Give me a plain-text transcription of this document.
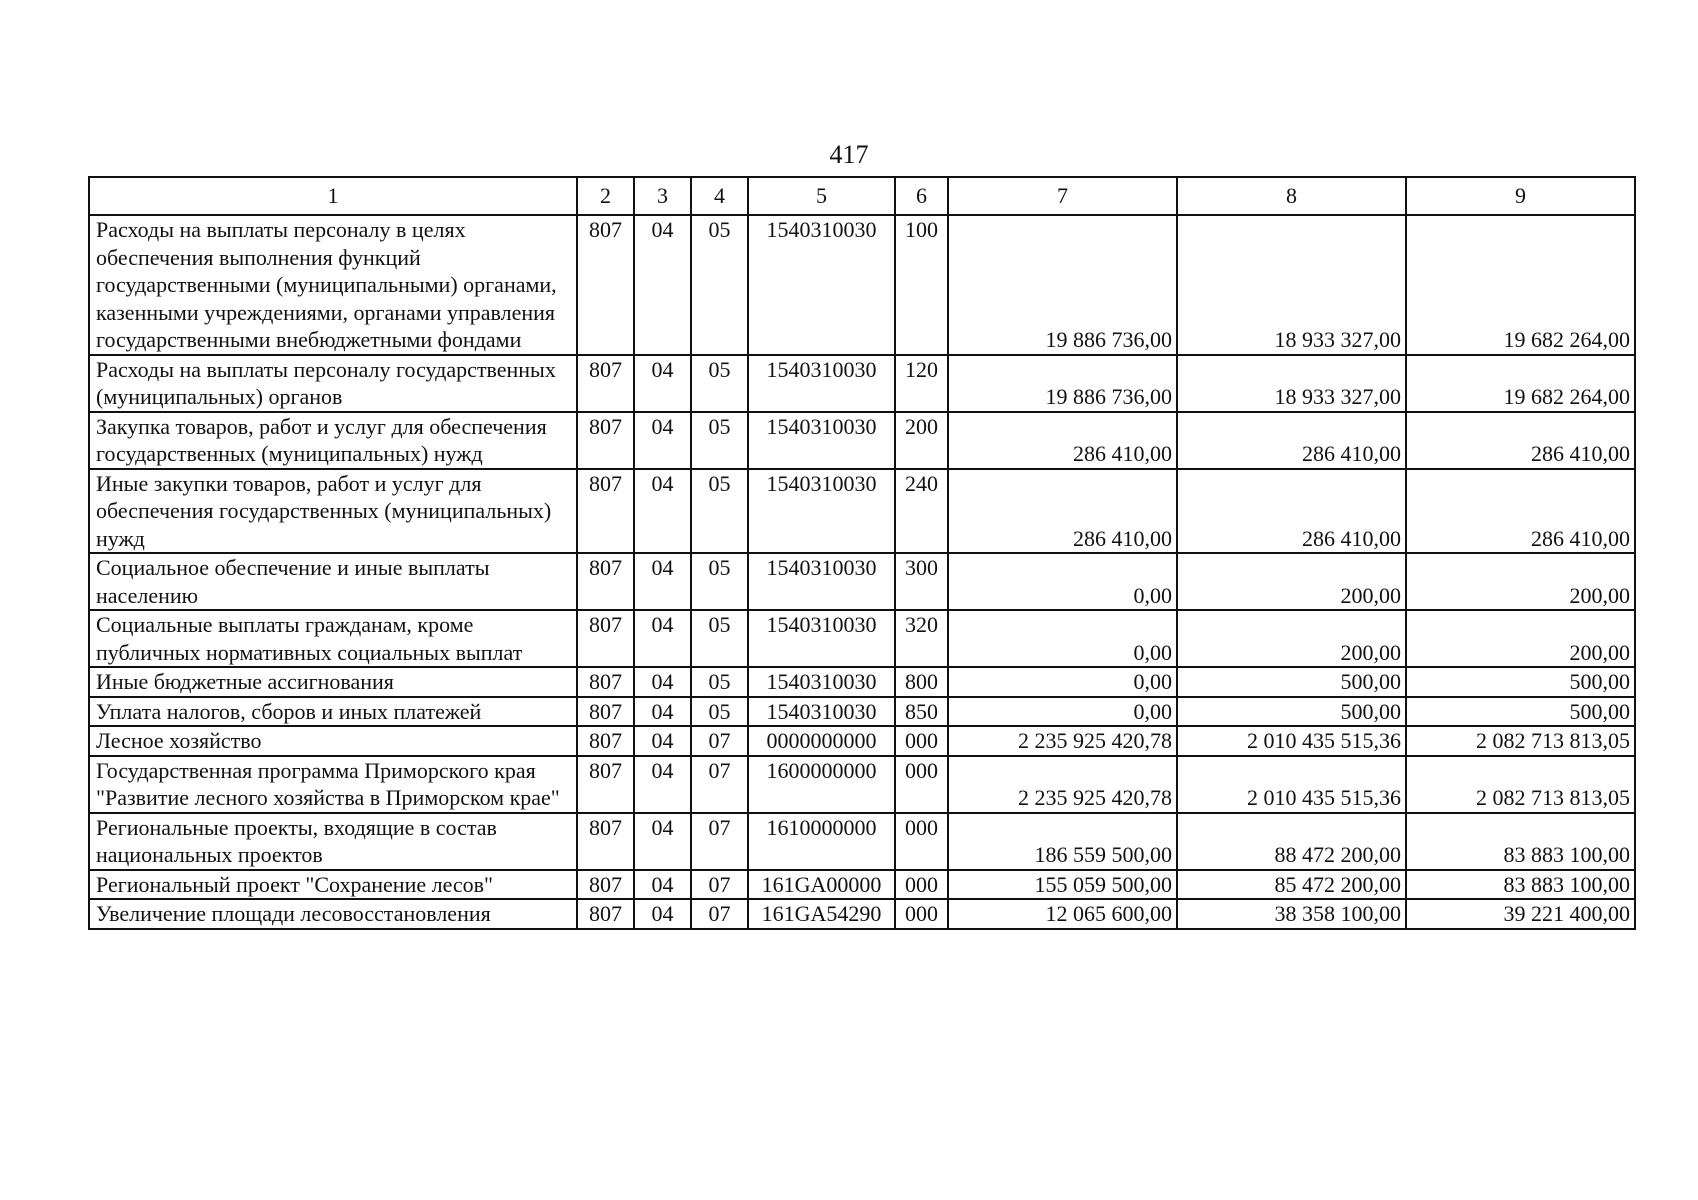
417
1	2	3	4	5	6	7	8	9
Расходы на выплаты персоналу в целях обеспечения выполнения функций государственными (муниципальными) органами, казенными учреждениями, органами управления государственными внебюджетными фондами	807	04	05	1540310030	100	19 886 736,00	18 933 327,00	19 682 264,00
Расходы на выплаты персоналу государственных (муниципальных) органов	807	04	05	1540310030	120	19 886 736,00	18 933 327,00	19 682 264,00
Закупка товаров, работ и услуг для обеспечения государственных (муниципальных) нужд	807	04	05	1540310030	200	286 410,00	286 410,00	286 410,00
Иные закупки товаров, работ и услуг для обеспечения государственных (муниципальных) нужд	807	04	05	1540310030	240	286 410,00	286 410,00	286 410,00
Социальное обеспечение и иные выплаты населению	807	04	05	1540310030	300	0,00	200,00	200,00
Социальные выплаты гражданам, кроме публичных нормативных социальных выплат	807	04	05	1540310030	320	0,00	200,00	200,00
Иные бюджетные ассигнования	807	04	05	1540310030	800	0,00	500,00	500,00
Уплата налогов, сборов и иных платежей	807	04	05	1540310030	850	0,00	500,00	500,00
Лесное хозяйство	807	04	07	0000000000	000	2 235 925 420,78	2 010 435 515,36	2 082 713 813,05
Государственная программа Приморского края "Развитие лесного хозяйства в Приморском крае"	807	04	07	1600000000	000	2 235 925 420,78	2 010 435 515,36	2 082 713 813,05
Региональные проекты, входящие в состав национальных проектов	807	04	07	1610000000	000	186 559 500,00	88 472 200,00	83 883 100,00
Региональный проект "Сохранение лесов"	807	04	07	161GA00000	000	155 059 500,00	85 472 200,00	83 883 100,00
Увеличение площади лесовосстановления	807	04	07	161GA54290	000	12 065 600,00	38 358 100,00	39 221 400,00
